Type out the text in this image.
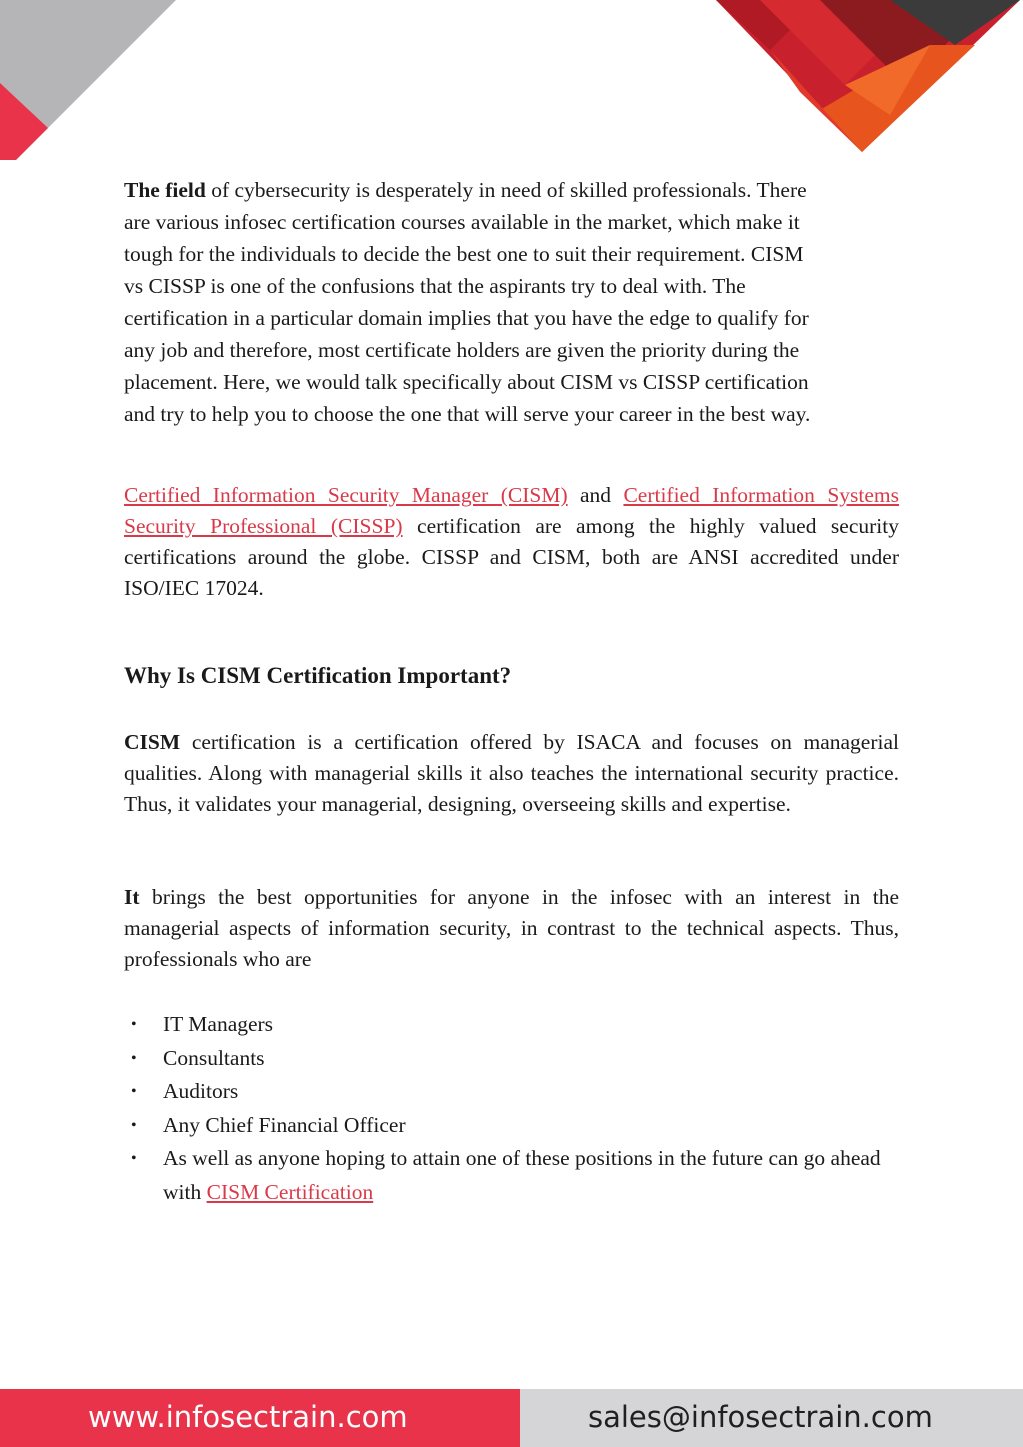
The field of cybersecurity is desperately in need of skilled professionals. There

are various infosec certification courses available in the market, which make it

tough for the individuals to decide the best one to suit their requirement. CISM

vs CISSP is one of the confusions that the aspirants try to deal with. The

certification in a particular domain implies that you have the edge to qualify for

any job and therefore, most certificate holders are given the priority during the

placement. Here, we would talk specifically about CISM vs CISSP certification

and try to help you to choose the one that will serve your career in the best way.

Certified Information Security Manager (CISM) and Certified Information Systems Security Professional (CISSP) certification are among the highly valued security certifications around the globe. CISSP and CISM, both are ANSI accredited under ISO/IEC 17024.

Why Is CISM Certification Important?

CISM certification is a certification offered by ISACA and focuses on managerial qualities. Along with managerial skills it also teaches the international security practice. Thus, it validates your managerial, designing, overseeing skills and expertise.

It brings the best opportunities for anyone in the infosec with an interest in the managerial aspects of information security, in contrast to the technical aspects. Thus, professionals who are

• IT Managers
• Consultants
• Auditors
• Any Chief Financial Officer
• As well as anyone hoping to attain one of these positions in the future can go ahead with CISM Certification
www.infosectrain.com	sales@infosectrain.com
